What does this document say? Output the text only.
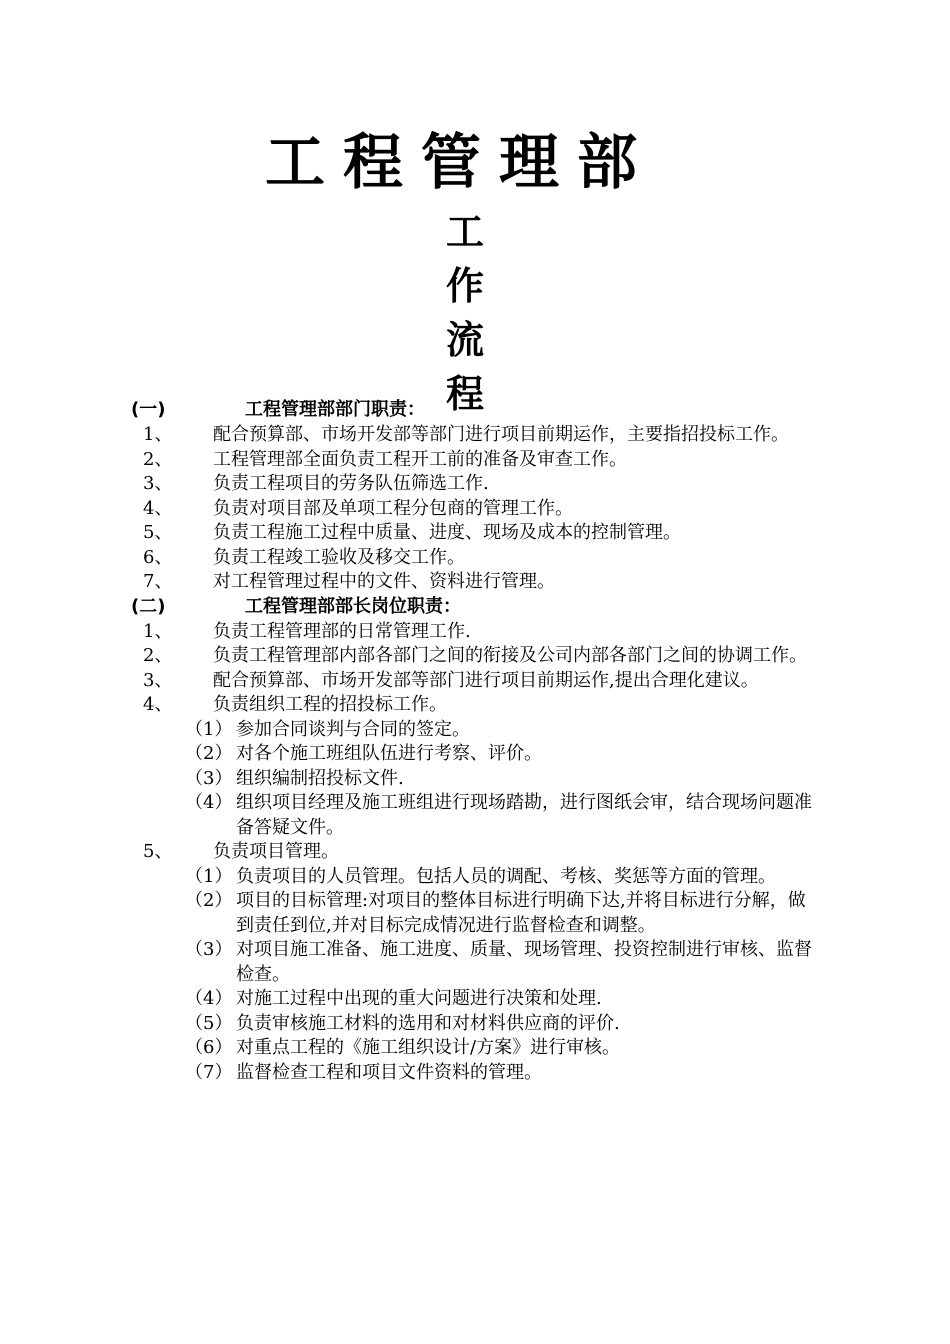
工程管理部
工
作
流
程
(一)	工程管理部部门职责：
1、	配合预算部、市场开发部等部门进行项目前期运作，主要指招投标工作。
2、	工程管理部全面负责工程开工前的准备及审查工作。
3、	负责工程项目的劳务队伍筛选工作.
4、	负责对项目部及单项工程分包商的管理工作。
5、	负责工程施工过程中质量、进度、现场及成本的控制管理。
6、	负责工程竣工验收及移交工作。
7、	对工程管理过程中的文件、资料进行管理。
(二)	工程管理部部长岗位职责：
1、	负责工程管理部的日常管理工作.
2、	负责工程管理部内部各部门之间的衔接及公司内部各部门之间的协调工作。
3、	配合预算部、市场开发部等部门进行项目前期运作,提出合理化建议。
4、	负责组织工程的招投标工作。
（1） 参加合同谈判与合同的签定。
（2） 对各个施工班组队伍进行考察、评价。
（3） 组织编制招投标文件.
（4） 组织项目经理及施工班组进行现场踏勘，进行图纸会审，结合现场问题准备答疑文件。
5、	负责项目管理。
（1） 负责项目的人员管理。包括人员的调配、考核、奖惩等方面的管理。
（2） 项目的目标管理:对项目的整体目标进行明确下达,并将目标进行分解，做到责任到位,并对目标完成情况进行监督检查和调整。
（3） 对项目施工准备、施工进度、质量、现场管理、投资控制进行审核、监督检查。
（4） 对施工过程中出现的重大问题进行决策和处理.
（5） 负责审核施工材料的选用和对材料供应商的评价.
（6） 对重点工程的《施工组织设计/方案》进行审核。
（7） 监督检查工程和项目文件资料的管理。
